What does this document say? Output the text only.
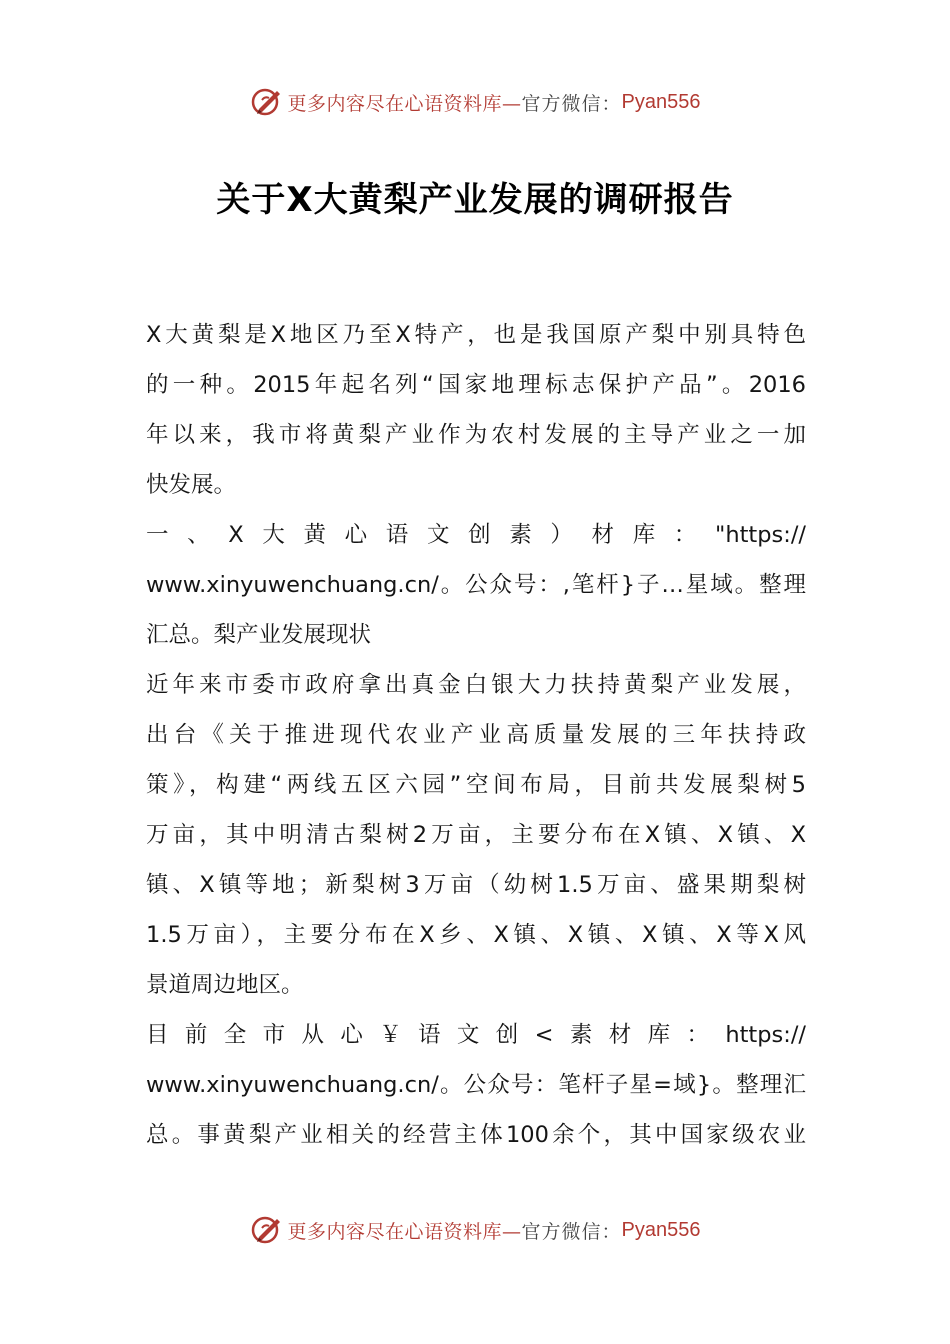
更多内容尽在心语资料库— 官方微信： Pyan556
关于X大黄梨产业发展的调研报告
X大黄梨是X地区乃至X特产，也是我国原产梨中别具特色
的一种。2015年起名列“国家地理标志保护产品”。2016
年以来，我市将黄梨产业作为农村发展的主导产业之一加
快发展。
一、X大黄心语文创素）材库："https://
www.xinyuwenchuang.cn/。公众号：,笔杆}子…星域。整理
汇总。梨产业发展现状
近年来市委市政府拿出真金白银大力扶持黄梨产业发展，
出台《关于推进现代农业产业高质量发展的三年扶持政
策》，构建“两线五区六园”空间布局，目前共发展梨树5
万亩，其中明清古梨树2万亩，主要分布在X镇、X镇、X
镇、X镇等地；新梨树3万亩（幼树1.5万亩、盛果期梨树
1.5万亩），主要分布在X乡、X镇、X镇、X镇、X等X风
景道周边地区。
目前全市从心￥语文创<素材库：https://
www.xinyuwenchuang.cn/。公众号：笔杆子星=域}。整理汇
总。事黄梨产业相关的经营主体100余个，其中国家级农业
更多内容尽在心语资料库— 官方微信： Pyan556
